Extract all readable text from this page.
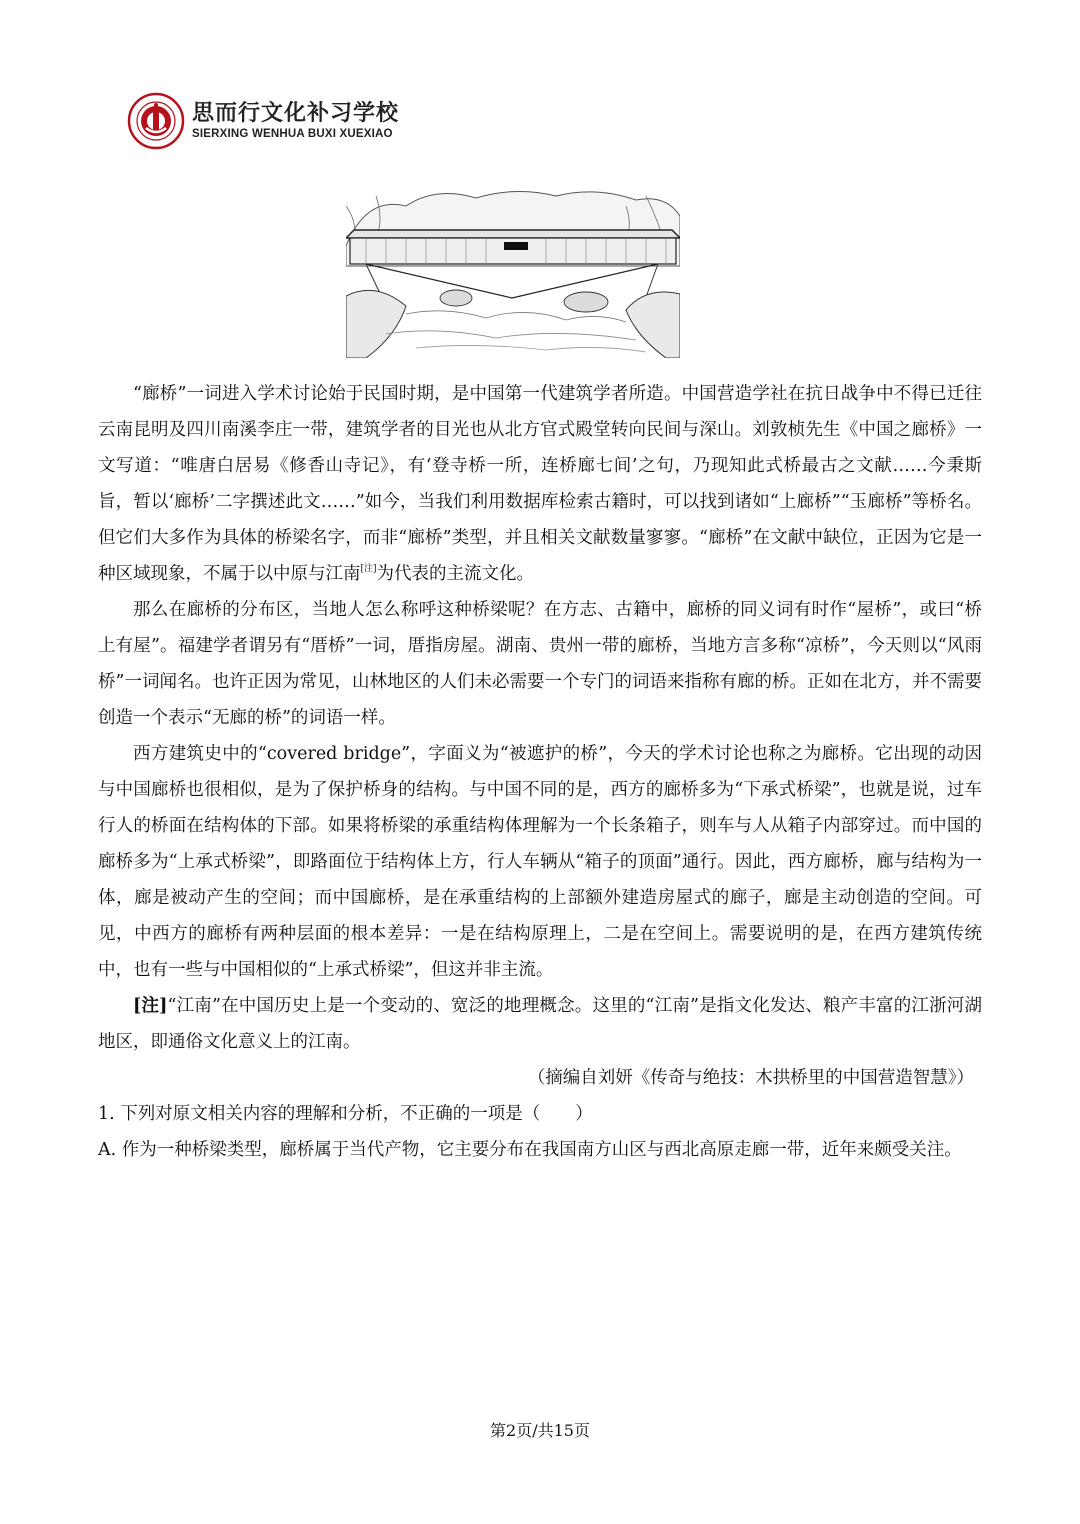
思而行文化补习学校
SIERXING WENHUA BUXI XUEXIAO

“廊桥”一词进入学术讨论始于民国时期，是中国第一代建筑学者所造。中国营造学社在抗日战争中不得已迁往云南昆明及四川南溪李庄一带，建筑学者的目光也从北方官式殿堂转向民间与深山。刘敦桢先生《中国之廊桥》一文写道：“唯唐白居易《修香山寺记》，有‘登寺桥一所，连桥廊七间’之句，乃现知此式桥最古之文献……今秉斯旨，暂以‘廊桥’二字撰述此文……”如今，当我们利用数据库检索古籍时，可以找到诸如“上廊桥”“玉廊桥”等桥名。但它们大多作为具体的桥梁名字，而非“廊桥”类型，并且相关文献数量寥寥。“廊桥”在文献中缺位，正因为它是一种区域现象，不属于以中原与江南[注]为代表的主流文化。

那么在廊桥的分布区，当地人怎么称呼这种桥梁呢？在方志、古籍中，廊桥的同义词有时作“屋桥”，或曰“桥上有屋”。福建学者谓另有“厝桥”一词，厝指房屋。湖南、贵州一带的廊桥，当地方言多称“凉桥”，今天则以“风雨桥”一词闻名。也许正因为常见，山林地区的人们未必需要一个专门的词语来指称有廊的桥。正如在北方，并不需要创造一个表示“无廊的桥”的词语一样。

西方建筑史中的“covered bridge”，字面义为“被遮护的桥”，今天的学术讨论也称之为廊桥。它出现的动因与中国廊桥也很相似，是为了保护桥身的结构。与中国不同的是，西方的廊桥多为“下承式桥梁”，也就是说，过车行人的桥面在结构体的下部。如果将桥梁的承重结构体理解为一个长条箱子，则车与人从箱子内部穿过。而中国的廊桥多为“上承式桥梁”，即路面位于结构体上方，行人车辆从“箱子的顶面”通行。因此，西方廊桥，廊与结构为一体，廊是被动产生的空间；而中国廊桥，是在承重结构的上部额外建造房屋式的廊子，廊是主动创造的空间。可见，中西方的廊桥有两种层面的根本差异：一是在结构原理上，二是在空间上。需要说明的是，在西方建筑传统中，也有一些与中国相似的“上承式桥梁”，但这并非主流。

[注]“江南”在中国历史上是一个变动的、宽泛的地理概念。这里的“江南”是指文化发达、粮产丰富的江浙河湖地区，即通俗文化意义上的江南。

（摘编自刘妍《传奇与绝技：木拱桥里的中国营造智慧》）

1. 下列对原文相关内容的理解和分析，不正确的一项是（　　）

A. 作为一种桥梁类型，廊桥属于当代产物，它主要分布在我国南方山区与西北高原走廊一带，近年来颇受关注。

第2页/共15页
